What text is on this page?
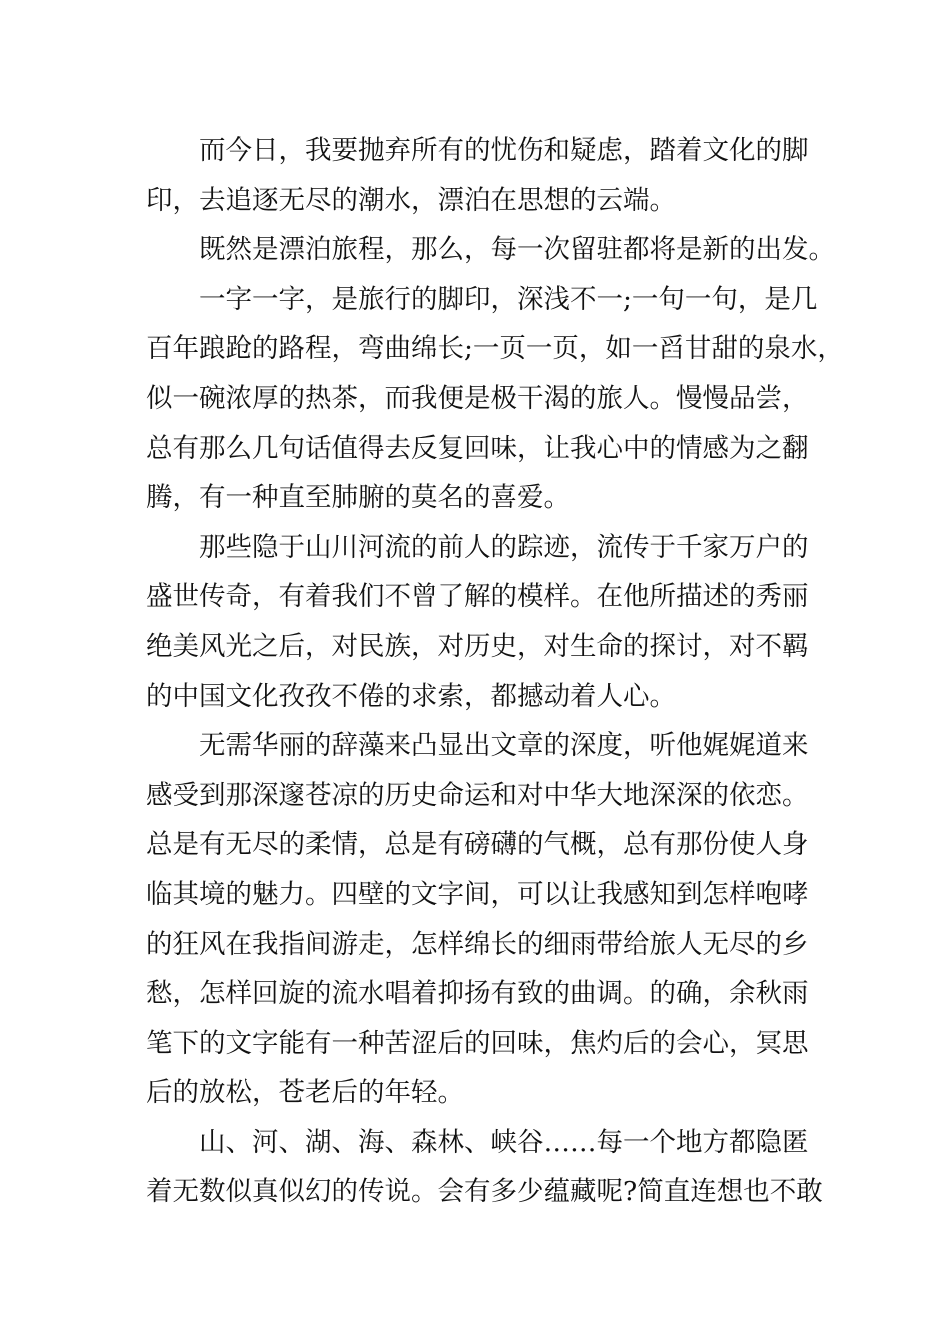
而今日，我要抛弃所有的忧伤和疑虑，踏着文化的脚
印，去追逐无尽的潮水，漂泊在思想的云端。

既然是漂泊旅程，那么，每一次留驻都将是新的出发。

一字一字，是旅行的脚印，深浅不一;一句一句，是几
百年踉跄的路程，弯曲绵长;一页一页，如一舀甘甜的泉水，
似一碗浓厚的热茶，而我便是极干渴的旅人。慢慢品尝，
总有那么几句话值得去反复回味，让我心中的情感为之翻
腾，有一种直至肺腑的莫名的喜爱。

那些隐于山川河流的前人的踪迹，流传于千家万户的
盛世传奇，有着我们不曾了解的模样。在他所描述的秀丽
绝美风光之后，对民族，对历史，对生命的探讨，对不羁
的中国文化孜孜不倦的求索，都撼动着人心。

无需华丽的辞藻来凸显出文章的深度，听他娓娓道来
感受到那深邃苍凉的历史命运和对中华大地深深的依恋。
总是有无尽的柔情，总是有磅礴的气概，总有那份使人身
临其境的魅力。四壁的文字间，可以让我感知到怎样咆哮
的狂风在我指间游走，怎样绵长的细雨带给旅人无尽的乡
愁，怎样回旋的流水唱着抑扬有致的曲调。的确，余秋雨
笔下的文字能有一种苦涩后的回味，焦灼后的会心，冥思
后的放松，苍老后的年轻。

山、河、湖、海、森林、峡谷……每一个地方都隐匿
着无数似真似幻的传说。会有多少蕴藏呢?简直连想也不敢
